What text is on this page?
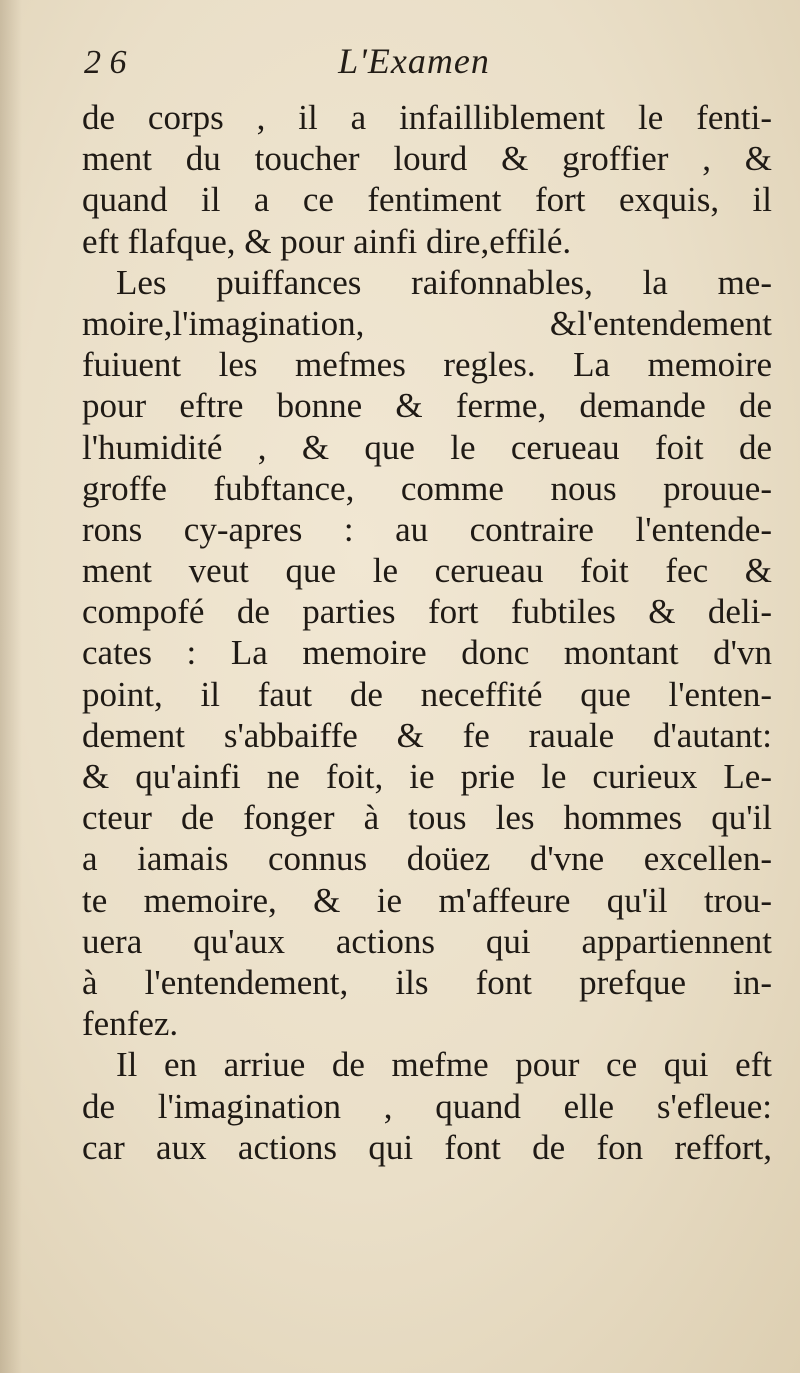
2 6	L'Examen
de corps , il a infailliblement le fenti-
ment du toucher lourd & groffier , &
quand il a ce fentiment fort exquis, il
eft flafque, & pour ainfi dire,effilé.
Les puiffances raifonnables, la me-
moire,l'imagination, &l'entendement
fuiuent les mefmes regles. La memoire
pour eftre bonne & ferme, demande de
l'humidité , & que le cerueau foit de
groffe fubftance, comme nous prouue-
rons cy-apres : au contraire l'entende-
ment veut que le cerueau foit fec &
compofé de parties fort fubtiles & deli-
cates : La memoire donc montant d'vn
point, il faut de neceffité que l'enten-
dement s'abbaiffe & fe rauale d'autant:
& qu'ainfi ne foit, ie prie le curieux Le-
cteur de fonger à tous les hommes qu'il
a iamais connus doüez d'vne excellen-
te memoire, & ie m'affeure qu'il trou-
uera qu'aux actions qui appartiennent
à l'entendement, ils font prefque in-
fenfez.
Il en arriue de mefme pour ce qui eft
de l'imagination , quand elle s'efleue:
car aux actions qui font de fon reffort,
